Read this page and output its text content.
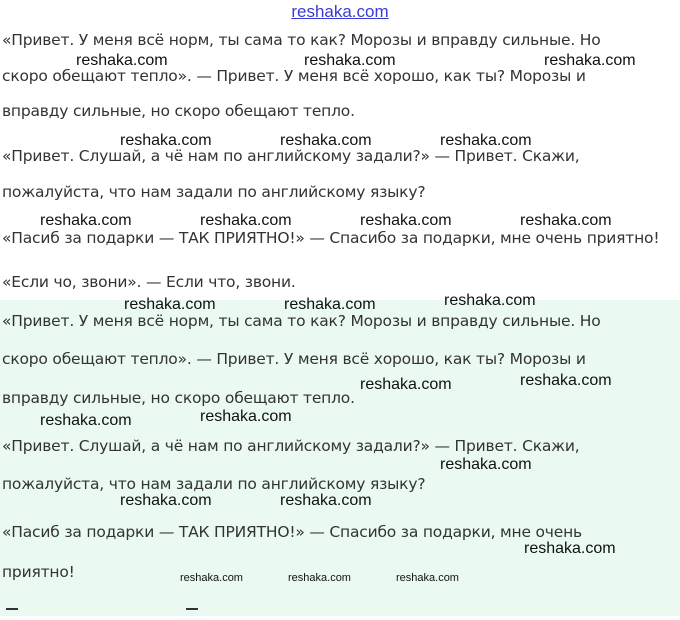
reshaka.com
«Привет. У меня всё норм, ты сама то как? Морозы и вправду сильные. Но
скоро обещают тепло». — Привет. У меня всё хорошо, как ты? Морозы и
вправду сильные, но скоро обещают тепло.
«Привет. Слушай, а чё нам по английскому задали?» — Привет. Скажи,
пожалуйста, что нам задали по английскому языку?
«Пасиб за подарки — ТАК ПРИЯТНО!» — Спасибо за подарки, мне очень приятно!
«Если чо, звони». — Если что, звони.
«Привет. У меня всё норм, ты сама то как? Морозы и вправду сильные. Но
скоро обещают тепло». — Привет. У меня всё хорошо, как ты? Морозы и
вправду сильные, но скоро обещают тепло.
«Привет. Слушай, а чё нам по английскому задали?» — Привет. Скажи,
пожалуйста, что нам задали по английскому языку?
«Пасиб за подарки — ТАК ПРИЯТНО!» — Спасибо за подарки, мне очень
приятно!
reshaka.com	reshaka.com	reshaka.com
reshaka.com	reshaka.com	reshaka.com
reshaka.com	reshaka.com	reshaka.com	reshaka.com
reshaka.com	reshaka.com	reshaka.com
reshaka.com	reshaka.com
reshaka.com	reshaka.com
reshaka.com
reshaka.com	reshaka.com
reshaka.com
reshaka.com	reshaka.com	reshaka.com
